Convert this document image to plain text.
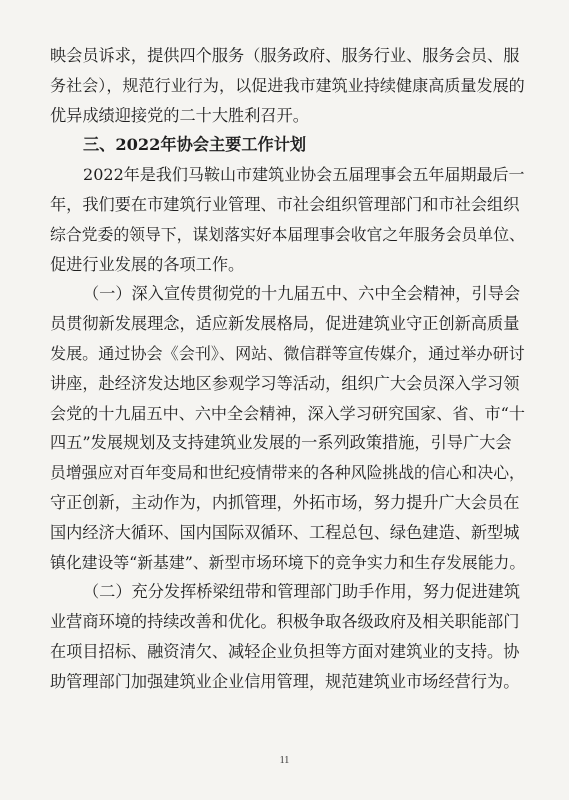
映会员诉求，提供四个服务（服务政府、服务行业、服务会员、服
务社会），规范行业行为，以促进我市建筑业持续健康高质量发展的
优异成绩迎接党的二十大胜利召开。
三、2022年协会主要工作计划
2022年是我们马鞍山市建筑业协会五届理事会五年届期最后一
年，我们要在市建筑行业管理、市社会组织管理部门和市社会组织
综合党委的领导下，谋划落实好本届理事会收官之年服务会员单位、
促进行业发展的各项工作。
（一）深入宣传贯彻党的十九届五中、六中全会精神，引导会
员贯彻新发展理念，适应新发展格局，促进建筑业守正创新高质量
发展。通过协会《会刊》、网站、微信群等宣传媒介，通过举办研讨
讲座，赴经济发达地区参观学习等活动，组织广大会员深入学习领
会党的十九届五中、六中全会精神，深入学习研究国家、省、市“十
四五”发展规划及支持建筑业发展的一系列政策措施，引导广大会
员增强应对百年变局和世纪疫情带来的各种风险挑战的信心和决心，
守正创新，主动作为，内抓管理，外拓市场，努力提升广大会员在
国内经济大循环、国内国际双循环、工程总包、绿色建造、新型城
镇化建设等“新基建”、新型市场环境下的竞争实力和生存发展能力。
（二）充分发挥桥梁纽带和管理部门助手作用，努力促进建筑
业营商环境的持续改善和优化。积极争取各级政府及相关职能部门
在项目招标、融资清欠、减轻企业负担等方面对建筑业的支持。协
助管理部门加强建筑业企业信用管理，规范建筑业市场经营行为。
11
